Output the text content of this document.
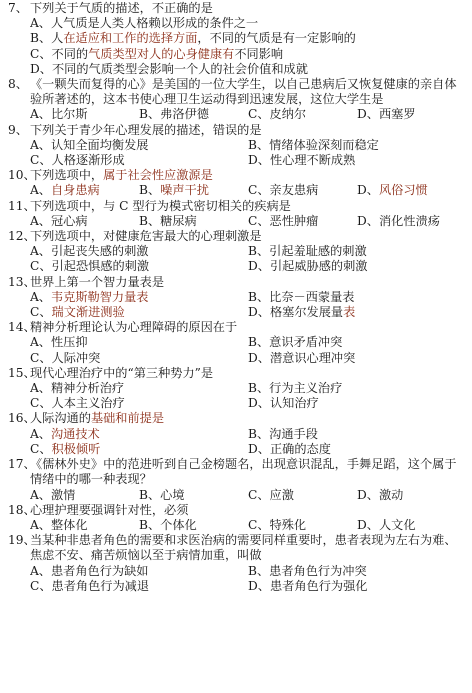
7、 下列关于气质的描述，不正确的是
A、人气质是人类人格赖以形成的条件之一
B、人在适应和工作的选择方面，不同的气质是有一定影响的
C、不同的气质类型对人的心身健康有不同影响
D、不同的气质类型会影响一个人的社会价值和成就
8、 《一颗失而复得的心》是美国的一位大学生，以自己患病后又恢复健康的亲自体验所著述的，这本书使心理卫生运动得到迅速发展，这位大学生是
A、比尔斯	B、弗洛伊德	C、皮纳尔	D、西塞罗
9、 下列关于青少年心理发展的描述，错误的是
A、认知全面均衡发展	B、情绪体验深刻而稳定
C、人格逐渐形成	D、性心理不断成熟
10、下列选项中，属于社会性应激源是
A、自身患病	B、噪声干扰	C、亲友患病	D、风俗习惯
11、下列选项中，与 C 型行为模式密切相关的疾病是
A、冠心病	B、糖尿病	C、恶性肿瘤	D、消化性溃疡
12、下列选项中，对健康危害最大的心理刺激是
A、引起丧失感的刺激	B、引起羞耻感的刺激
C、引起恐惧感的刺激	D、引起威胁感的刺激
13、世界上第一个智力量表是
A、韦克斯勒智力量表	B、比奈－西蒙量表
C、瑞文渐进测验	D、格塞尔发展量表
14、精神分析理论认为心理障碍的原因在于
A、性压抑	B、意识矛盾冲突
C、人际冲突	D、潜意识心理冲突
15、现代心理治疗中的“第三种势力”是
A、精神分析治疗	B、行为主义治疗
C、人本主义治疗	D、认知治疗
16、人际沟通的基础和前提是
A、沟通技术	B、沟通手段
C、积极倾听	D、正确的态度
17、《儒林外史》中的范进听到自己金榜题名，出现意识混乱，手舞足蹈，这个属于情绪中的哪一种表现？
A、激情	B、心境	C、应激	D、激动
18、心理护理要强调针对性，必须
A、整体化	B、个体化	C、特殊化	D、人文化
19、当某种非患者角色的需要和求医治病的需要同样重要时，患者表现为左右为难、焦虑不安、痛苦烦恼以至于病情加重，叫做
A、患者角色行为缺如	B、患者角色行为冲突
C、患者角色行为减退	D、患者角色行为强化
